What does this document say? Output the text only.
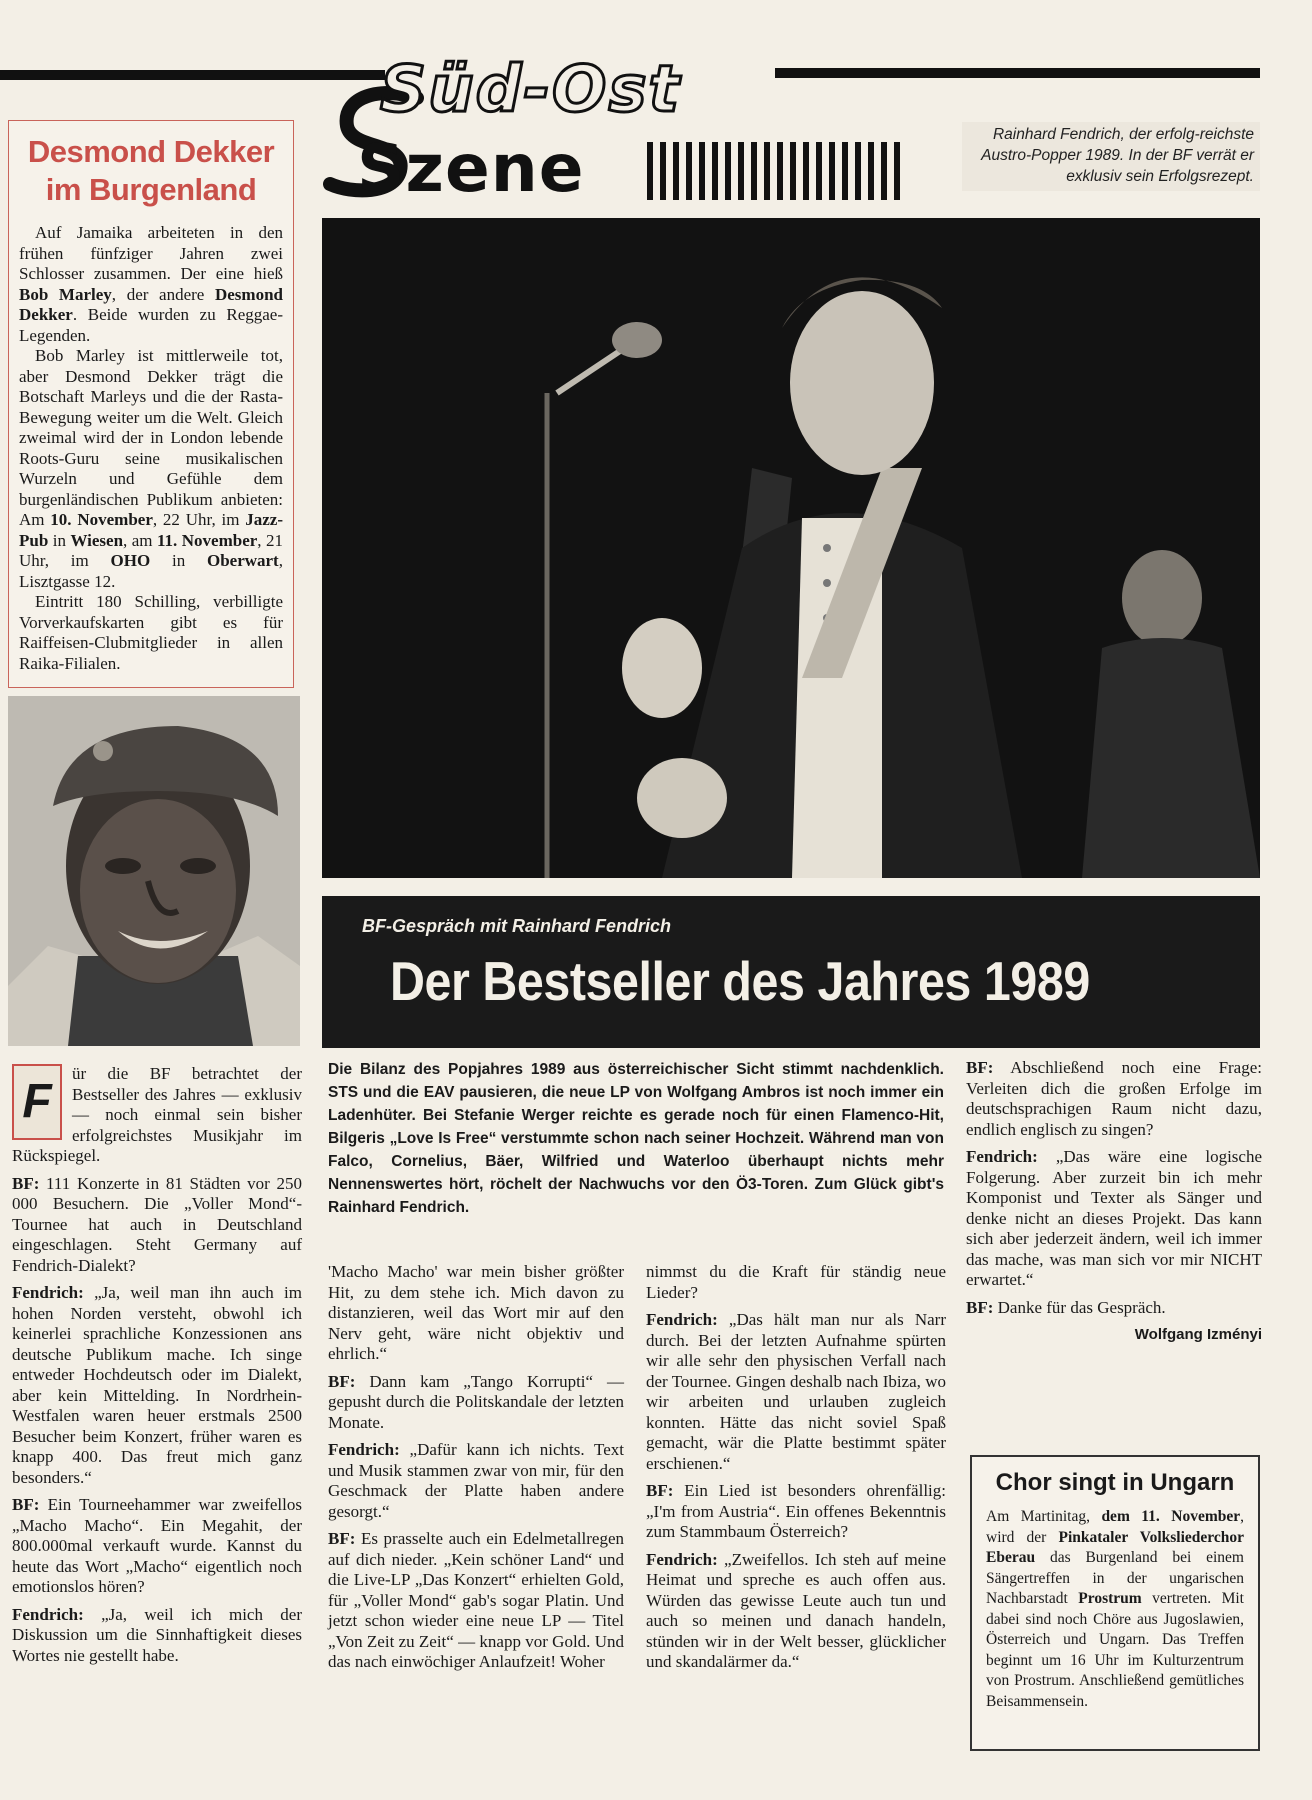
Süd-Ost
Szene	Rainhard Fendrich, der erfolg-reichste Austro-Popper 1989. In der BF verrät er exklusiv sein Erfolgsrezept.
Desmond Dekker
im Burgenland

Auf Jamaika arbeiteten in den frühen fünfziger Jahren zwei Schlosser zusammen. Der eine hieß Bob Marley, der andere Desmond Dekker. Beide wurden zu Reggae-Legenden.

Bob Marley ist mittlerweile tot, aber Desmond Dekker trägt die Botschaft Marleys und die der Rasta-Bewegung weiter um die Welt. Gleich zweimal wird der in London lebende Roots-Guru seine musikalischen Wurzeln und Gefühle dem burgenländischen Publikum anbieten: Am 10. November, 22 Uhr, im Jazz-Pub in Wiesen, am 11. November, 21 Uhr, im OHO in Oberwart, Lisztgasse 12.

Eintritt 180 Schilling, verbilligte Vorverkaufskarten gibt es für Raiffeisen-Clubmitglieder in allen Raika-Filialen.

BF-Gespräch mit Rainhard Fendrich
Der Bestseller des Jahres 1989
F

ür die BF betrachtet der Bestseller des Jahres — exklusiv — noch einmal sein bisher erfolgreichstes Musikjahr im Rückspiegel.

BF: 111 Konzerte in 81 Städten vor 250 000 Besuchern. Die „Voller Mond“-Tournee hat auch in Deutschland eingeschlagen. Steht Germany auf Fendrich-Dialekt?

Fendrich: „Ja, weil man ihn auch im hohen Norden versteht, obwohl ich keinerlei sprachliche Konzessionen ans deutsche Publikum mache. Ich singe entweder Hochdeutsch oder im Dialekt, aber kein Mittelding. In Nordrhein-Westfalen waren heuer erstmals 2500 Besucher beim Konzert, früher waren es knapp 400. Das freut mich ganz besonders.“

BF: Ein Tourneehammer war zweifellos „Macho Macho“. Ein Megahit, der 800.000mal verkauft wurde. Kannst du heute das Wort „Macho“ eigentlich noch emotionslos hören?

Fendrich: „Ja, weil ich mich der Diskussion um die Sinnhaftigkeit dieses Wortes nie gestellt habe.

Die Bilanz des Popjahres 1989 aus österreichischer Sicht stimmt nachdenklich. STS und die EAV pausieren, die neue LP von Wolfgang Ambros ist noch immer ein Ladenhüter. Bei Stefanie Werger reichte es gerade noch für einen Flamenco-Hit, Bilgeris „Love Is Free“ verstummte schon nach seiner Hochzeit. Während man von Falco, Cornelius, Bäer, Wilfried und Waterloo überhaupt nichts mehr Nennenswertes hört, röchelt der Nachwuchs vor den Ö3-Toren. Zum Glück gibt's Rainhard Fendrich.

'Macho Macho' war mein bisher größter Hit, zu dem stehe ich. Mich davon zu distanzieren, weil das Wort mir auf den Nerv geht, wäre nicht objektiv und ehrlich.“

BF: Dann kam „Tango Korrupti“ — gepusht durch die Politskandale der letzten Monate.

Fendrich: „Dafür kann ich nichts. Text und Musik stammen zwar von mir, für den Geschmack der Platte haben andere gesorgt.“

BF: Es prasselte auch ein Edelmetallregen auf dich nieder. „Kein schöner Land“ und die Live-LP „Das Konzert“ erhielten Gold, für „Voller Mond“ gab's sogar Platin. Und jetzt schon wieder eine neue LP — Titel „Von Zeit zu Zeit“ — knapp vor Gold. Und das nach einwöchiger Anlaufzeit! Woher

nimmst du die Kraft für ständig neue Lieder?

Fendrich: „Das hält man nur als Narr durch. Bei der letzten Aufnahme spürten wir alle sehr den physischen Verfall nach der Tournee. Gingen deshalb nach Ibiza, wo wir arbeiten und urlauben zugleich konnten. Hätte das nicht soviel Spaß gemacht, wär die Platte bestimmt später erschienen.“

BF: Ein Lied ist besonders ohrenfällig: „I'm from Austria“. Ein offenes Bekenntnis zum Stammbaum Österreich?

Fendrich: „Zweifellos. Ich steh auf meine Heimat und spreche es auch offen aus. Würden das gewisse Leute auch tun und auch so meinen und danach handeln, stünden wir in der Welt besser, glücklicher und skandalärmer da.“

BF: Abschließend noch eine Frage: Verleiten dich die großen Erfolge im deutschsprachigen Raum nicht dazu, endlich englisch zu singen?

Fendrich: „Das wäre eine logische Folgerung. Aber zurzeit bin ich mehr Komponist und Texter als Sänger und denke nicht an dieses Projekt. Das kann sich aber jederzeit ändern, weil ich immer das mache, was man sich vor mir NICHT erwartet.“

BF: Danke für das Gespräch.

Wolfgang Izményi

Chor singt in Ungarn
Am Martinitag, dem 11. November, wird der Pinkataler Volksliederchor Eberau das Burgenland bei einem Sängertreffen in der ungarischen Nachbarstadt Prostrum vertreten. Mit dabei sind noch Chöre aus Jugoslawien, Österreich und Ungarn. Das Treffen beginnt um 16 Uhr im Kulturzentrum von Prostrum. Anschließend gemütliches Beisammensein.
